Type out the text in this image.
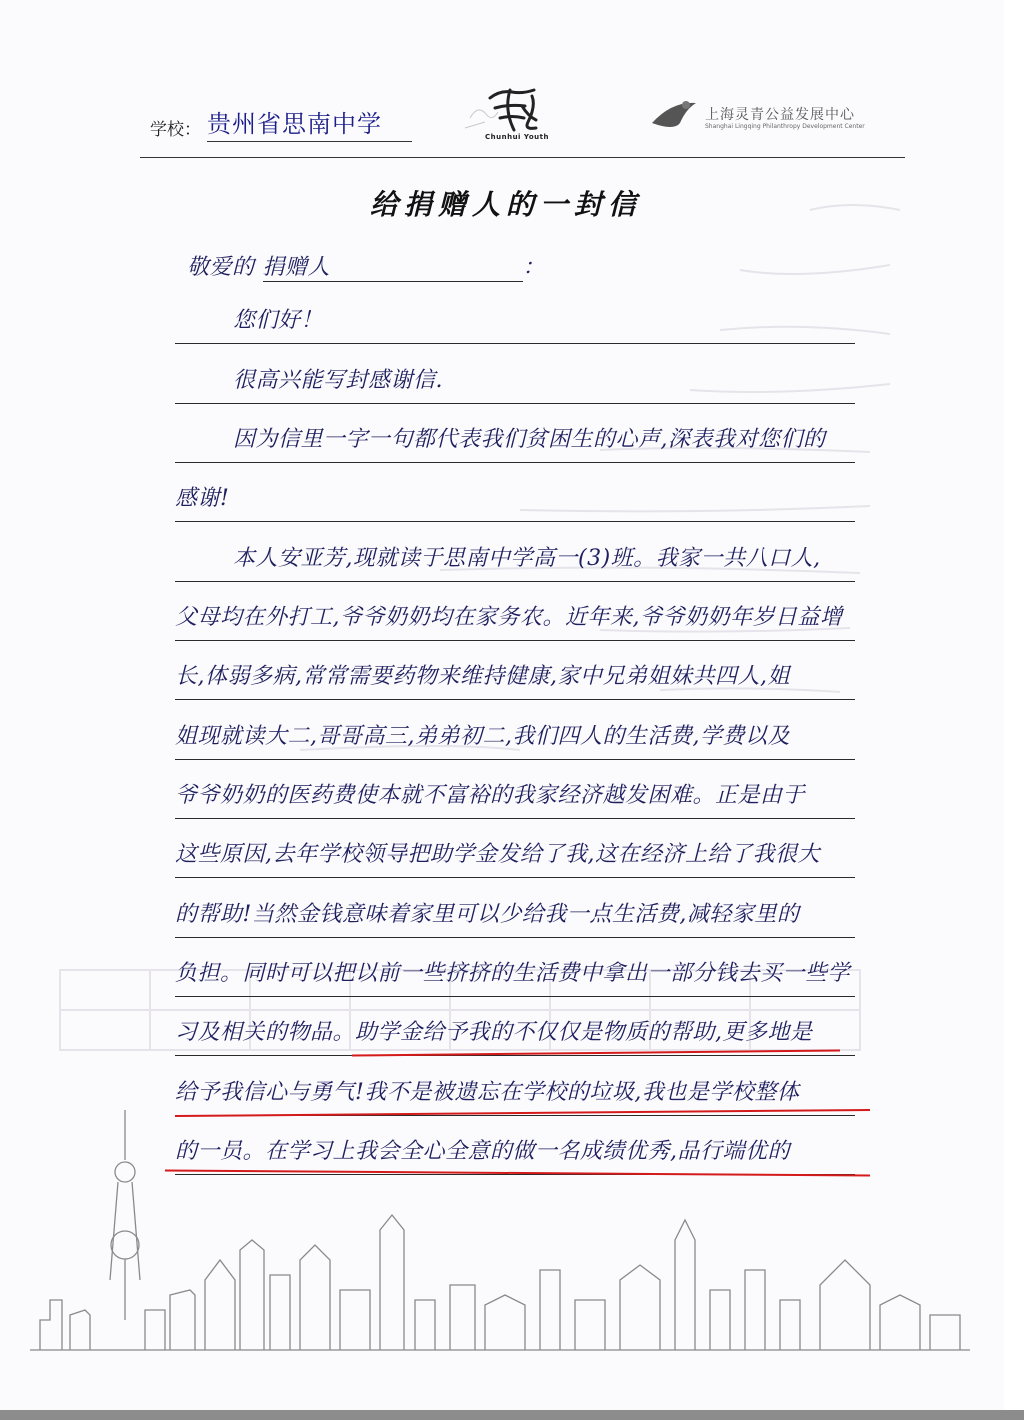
学校： 贵州省思南中学	Chunhui Youth
上海灵青公益发展中心
Shanghai Lingqing Philanthropy Development Center
给捐赠人的一封信
敬爱的 捐赠人	：
您们好！
很高兴能写封感谢信.
因为信里一字一句都代表我们贫困生的心声,深表我对您们的
感谢!
本人安亚芳,现就读于思南中学高一(3)班。我家一共八口人,
父母均在外打工,爷爷奶奶均在家务农。近年来,爷爷奶奶年岁日益增
长,体弱多病,常常需要药物来维持健康,家中兄弟姐妹共四人,姐
姐现就读大二,哥哥高三,弟弟初二,我们四人的生活费,学费以及
爷爷奶奶的医药费使本就不富裕的我家经济越发困难。正是由于
这些原因,去年学校领导把助学金发给了我,这在经济上给了我很大
的帮助!当然金钱意味着家里可以少给我一点生活费,减轻家里的
负担。同时可以把以前一些挤挤的生活费中拿出一部分钱去买一些学
习及相关的物品。助学金给予我的不仅仅是物质的帮助,更多地是
给予我信心与勇气!我不是被遗忘在学校的垃圾,我也是学校整体
的一员。在学习上我会全心全意的做一名成绩优秀,品行端优的
